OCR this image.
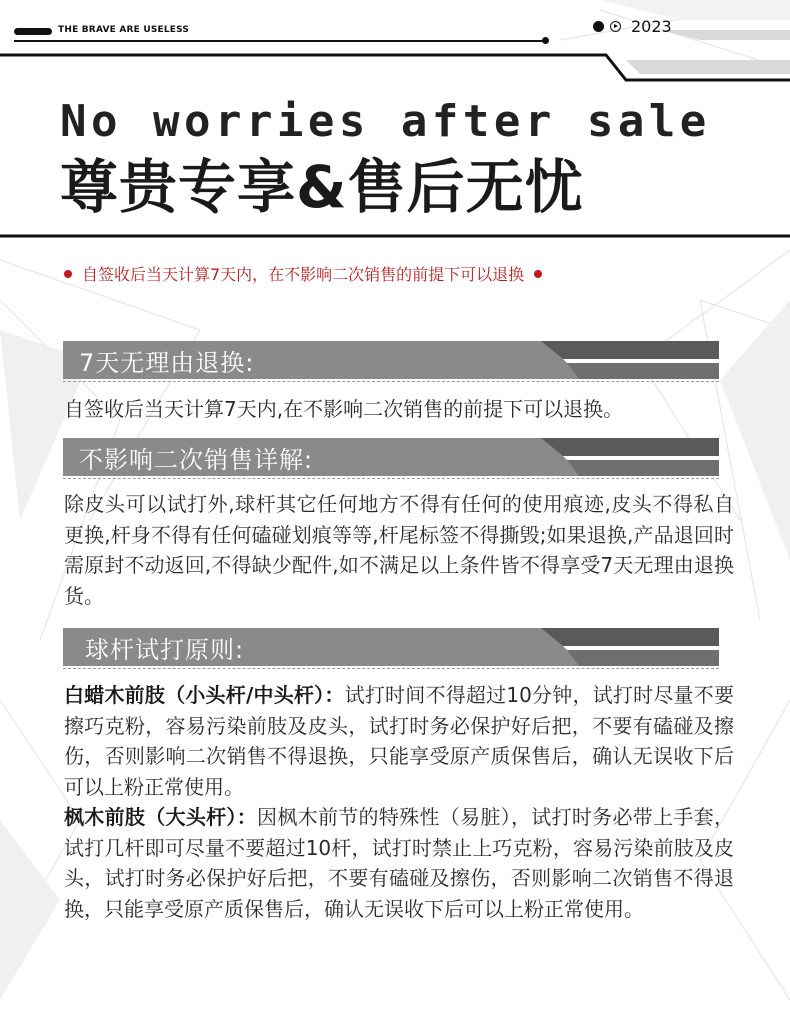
THE BRAVE ARE USELESS	2023
No worries after sale
尊贵专享&售后无忧
自签收后当天计算7天内，在不影响二次销售的前提下可以退换
7天无理由退换:
自签收后当天计算7天内,在不影响二次销售的前提下可以退换。
不影响二次销售详解:
除皮头可以试打外,球杆其它任何地方不得有任何的使用痕迹,皮头不得私自更换,杆身不得有任何磕碰划痕等等,杆尾标签不得撕毁;如果退换,产品退回时需原封不动返回,不得缺少配件,如不满足以上条件皆不得享受7天无理由退换货。
球杆试打原则:
白蜡木前肢（小头杆/中头杆）：试打时间不得超过10分钟，试打时尽量不要擦巧克粉，容易污染前肢及皮头，试打时务必保护好后把，不要有磕碰及擦伤，否则影响二次销售不得退换，只能享受原产质保售后，确认无误收下后可以上粉正常使用。
枫木前肢（大头杆）：因枫木前节的特殊性（易脏），试打时务必带上手套，试打几杆即可尽量不要超过10杆，试打时禁止上巧克粉，容易污染前肢及皮头，试打时务必保护好后把，不要有磕碰及擦伤，否则影响二次销售不得退换，只能享受原产质保售后，确认无误收下后可以上粉正常使用。
